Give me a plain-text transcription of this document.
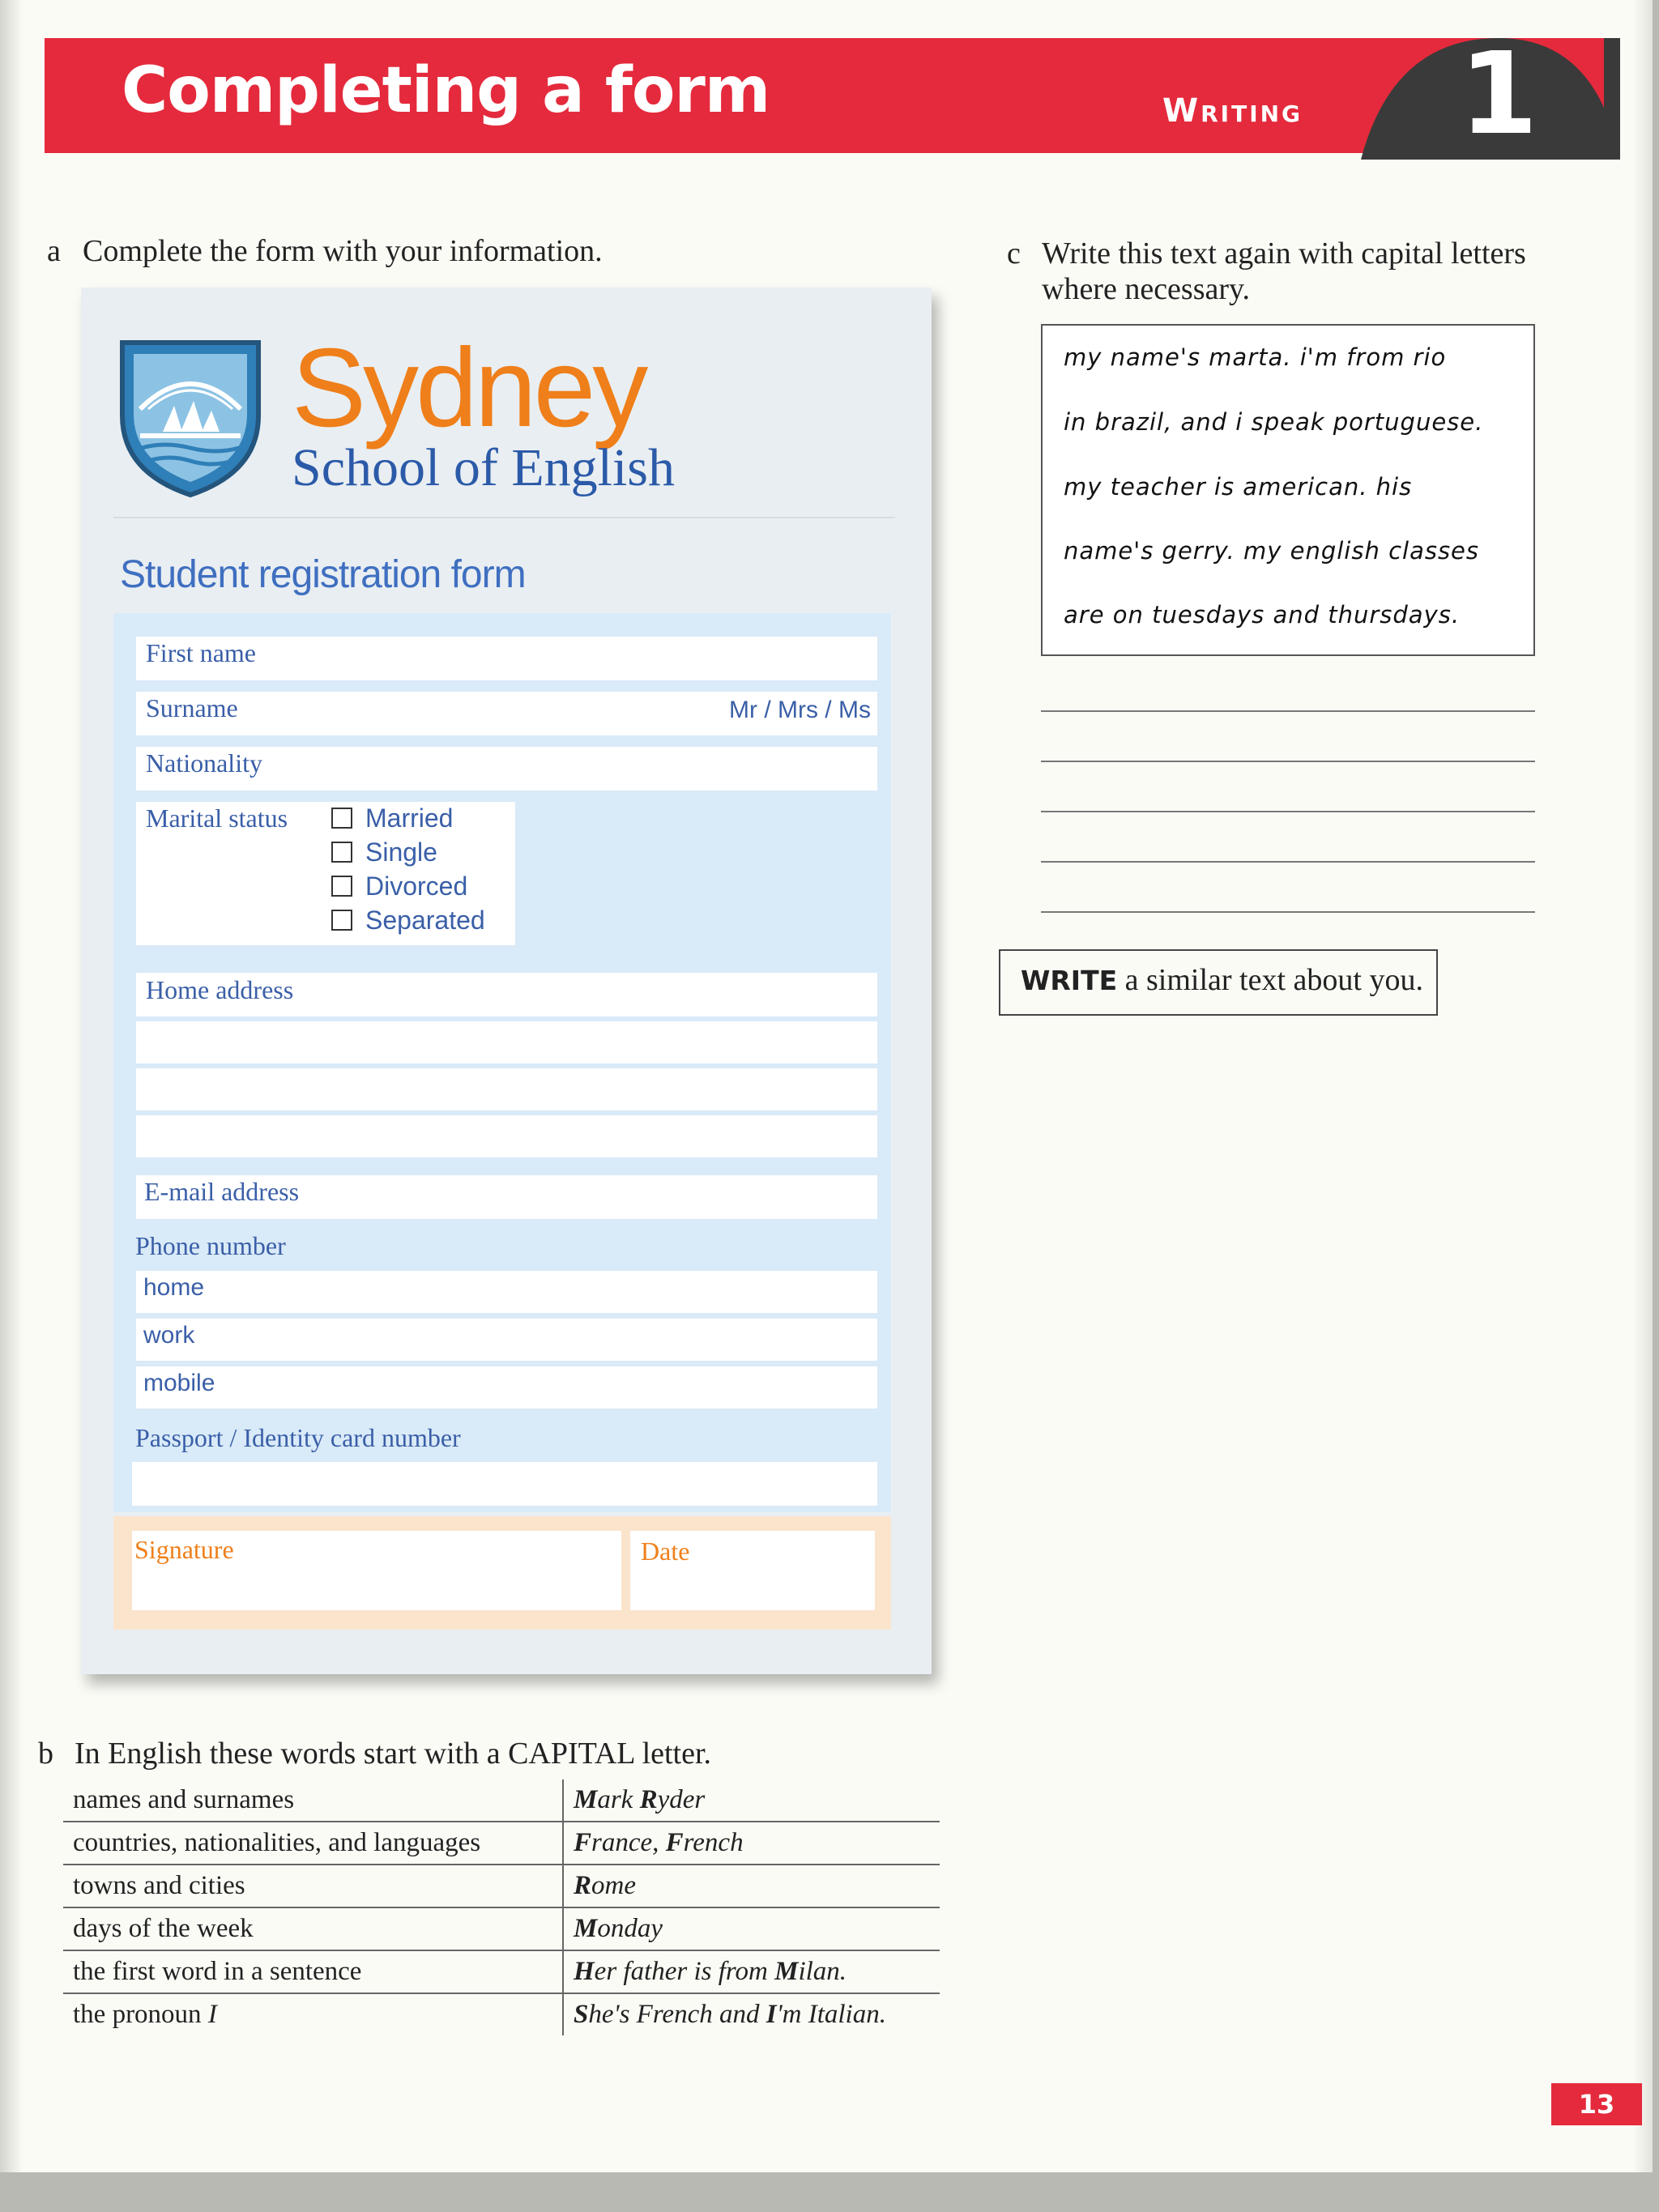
Completing a form	Writing 1
a Complete the form with your information.
Sydney
School of English
Student registration form
First name
Surname	Mr / Mrs / Ms
Nationality
Marital status	Married
Single
Divorced
Separated
Home address
E-mail address
Phone number
home
work
mobile
Passport / Identity card number
Signature	Date
b In English these words start with a CAPITAL letter.
names and surnames	Mark Ryder
countries, nationalities, and languages	France, French
towns and cities	Rome
days of the week	Monday
the first word in a sentence	Her father is from Milan.
the pronoun I	She's French and I'm Italian.
c Write this text again with capital letters
where necessary.
my name's marta. i'm from rio
in brazil, and i speak portuguese.
my teacher is american. his
name's gerry. my english classes
are on tuesdays and thursdays.
WRITE a similar text about you.
13
